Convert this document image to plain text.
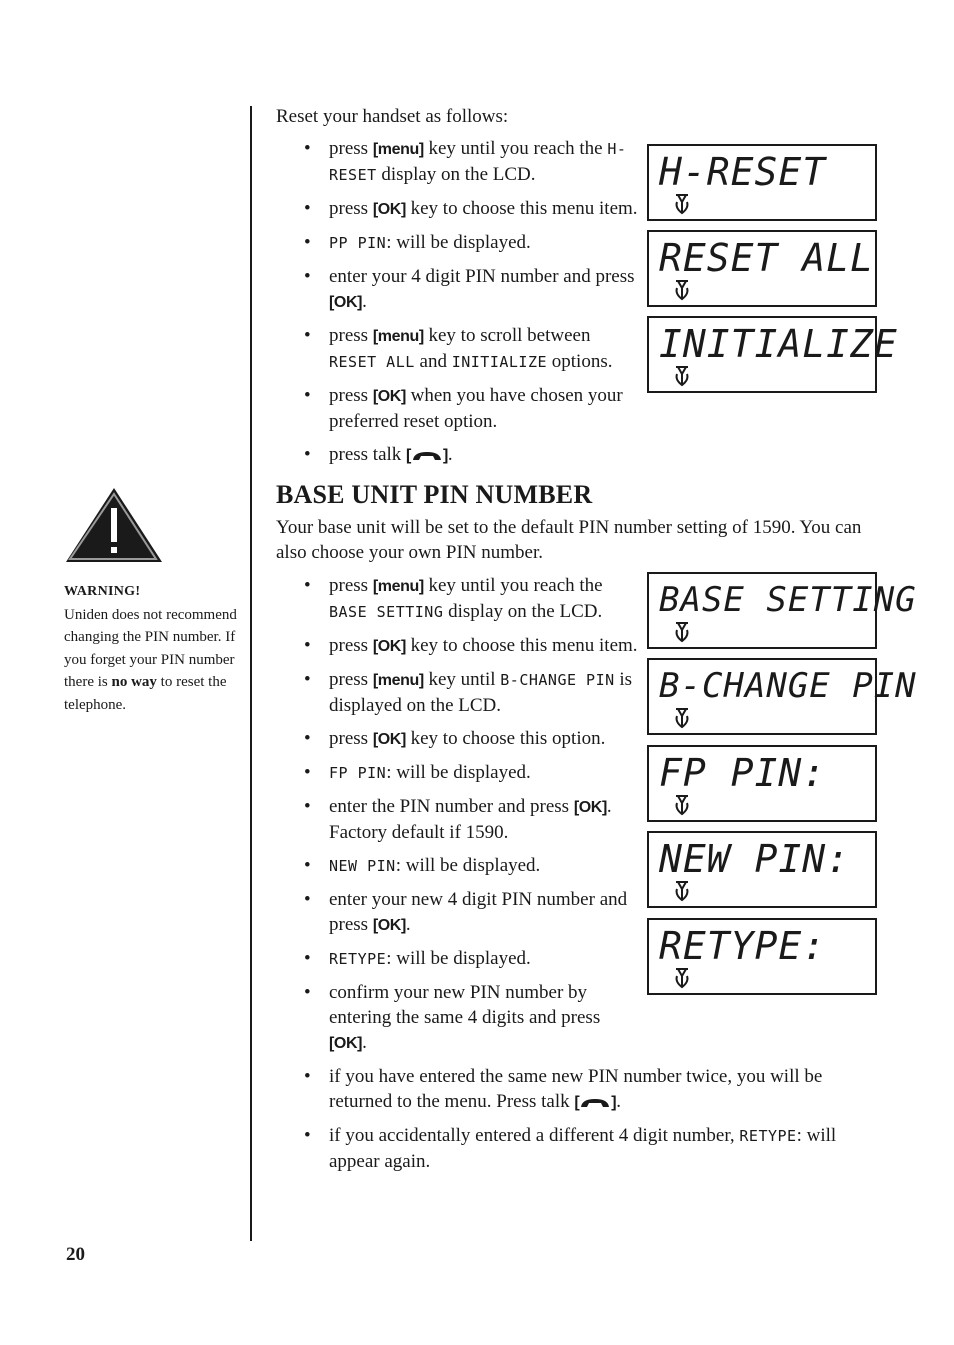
WARNING!
Uniden does not recommend changing the PIN number. If you forget your PIN number there is no way to reset the telephone.

Reset your handset as follows:

• press [menu] key until you reach the H-RESET display on the LCD.
• press [OK] key to choose this menu item.
• PP PIN: will be displayed.
• enter your 4 digit PIN number and press [OK].
• press [menu] key to scroll between RESET ALL and INITIALIZE options.
• press [OK] when you have chosen your preferred reset option.
• press talk [ ].
BASE UNIT PIN NUMBER

Your base unit will be set to the default PIN number setting of 1590. You can also choose your own PIN number.

• press [menu] key until you reach the BASE SETTING display on the LCD.
• press [OK] key to choose this menu item.
• press [menu] key until B-CHANGE PIN is displayed on the LCD.
• press [OK] key to choose this option.
• FP PIN: will be displayed.
• enter the PIN number and press [OK]. Factory default if 1590.
• NEW PIN: will be displayed.
• enter your new 4 digit PIN number and press [OK].
• RETYPE: will be displayed.
• confirm your new PIN number by entering the same 4 digits and press [OK].
• if you have entered the same new PIN number twice, you will be returned to the menu. Press talk [ ].
• if you accidentally entered a different 4 digit number, RETYPE: will appear again.
H-RESET
RESET ALL
INITIALIZE
BASE SETTING
B-CHANGE PIN
FP PIN:
NEW PIN:
RETYPE:
20
